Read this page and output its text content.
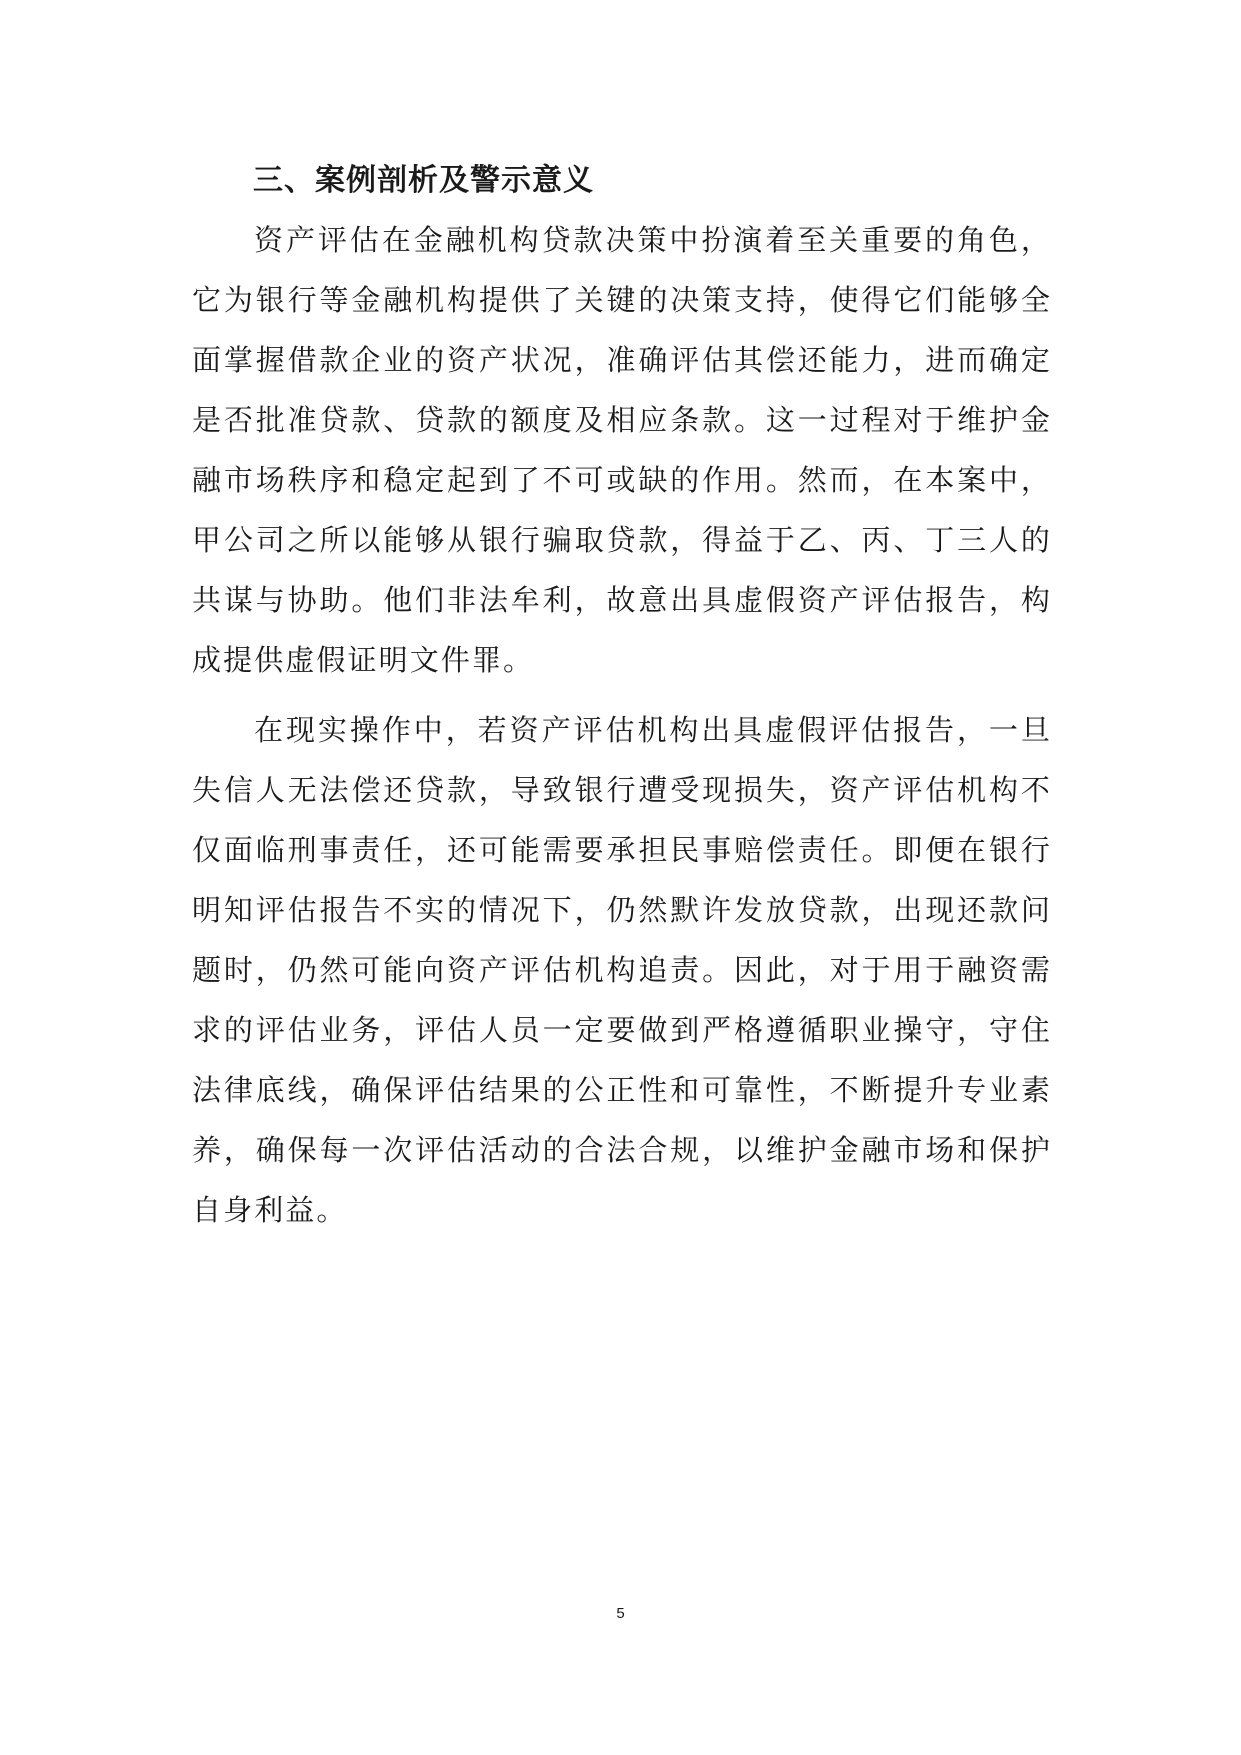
三、案例剖析及警示意义

资产评估在金融机构贷款决策中扮演着至关重要的角色，它为银行等金融机构提供了关键的决策支持，使得它们能够全面掌握借款企业的资产状况，准确评估其偿还能力，进而确定是否批准贷款、贷款的额度及相应条款。这一过程对于维护金融市场秩序和稳定起到了不可或缺的作用。然而，在本案中，甲公司之所以能够从银行骗取贷款，得益于乙、丙、丁三人的共谋与协助。他们非法牟利，故意出具虚假资产评估报告，构成提供虚假证明文件罪。

在现实操作中，若资产评估机构出具虚假评估报告，一旦失信人无法偿还贷款，导致银行遭受现损失，资产评估机构不仅面临刑事责任，还可能需要承担民事赔偿责任。即便在银行明知评估报告不实的情况下，仍然默许发放贷款，出现还款问题时，仍然可能向资产评估机构追责。因此，对于用于融资需求的评估业务，评估人员一定要做到严格遵循职业操守，守住法律底线，确保评估结果的公正性和可靠性，不断提升专业素养，确保每一次评估活动的合法合规，以维护金融市场和保护自身利益。

5
